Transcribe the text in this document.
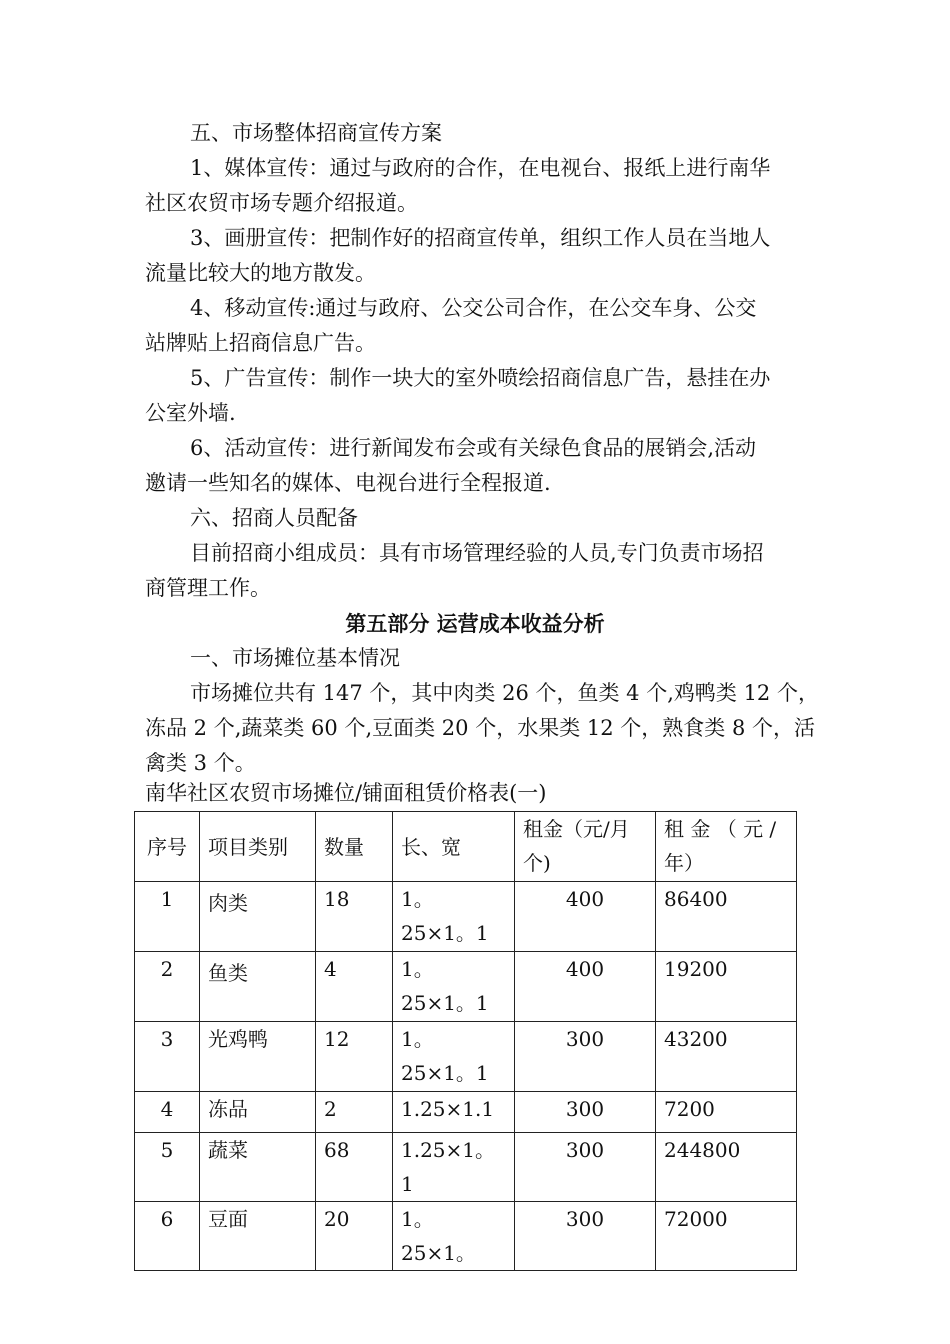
五、市场整体招商宣传方案
1、媒体宣传：通过与政府的合作，在电视台、报纸上进行南华
社区农贸市场专题介绍报道。
3、画册宣传：把制作好的招商宣传单，组织工作人员在当地人
流量比较大的地方散发。
4、移动宣传:通过与政府、公交公司合作，在公交车身、公交
站牌贴上招商信息广告。
5、广告宣传：制作一块大的室外喷绘招商信息广告，悬挂在办
公室外墙.
6、活动宣传：进行新闻发布会或有关绿色食品的展销会,活动
邀请一些知名的媒体、电视台进行全程报道.
六、招商人员配备
目前招商小组成员：具有市场管理经验的人员,专门负责市场招
商管理工作。
第五部分 运营成本收益分析
一、市场摊位基本情况
市场摊位共有 147 个，其中肉类 26 个，鱼类 4 个,鸡鸭类 12 个，
冻品 2 个,蔬菜类 60 个,豆面类 20 个，水果类 12 个，熟食类 8 个，活
禽类 3 个。
南华社区农贸市场摊位/铺面租赁价格表(一)
序号	项目类别	数量	长、宽	租金（元/月个)	租 金 （ 元 / 年）
1	肉类	18	1。25×1。1	400	86400
2	鱼类	4	1。25×1。1	400	19200
3	光鸡鸭	12	1。25×1。1	300	43200
4	冻品	2	1.25×1.1	300	7200
5	蔬菜	68	1.25×1。1	300	244800
6	豆面	20	1。25×1。	300	72000
